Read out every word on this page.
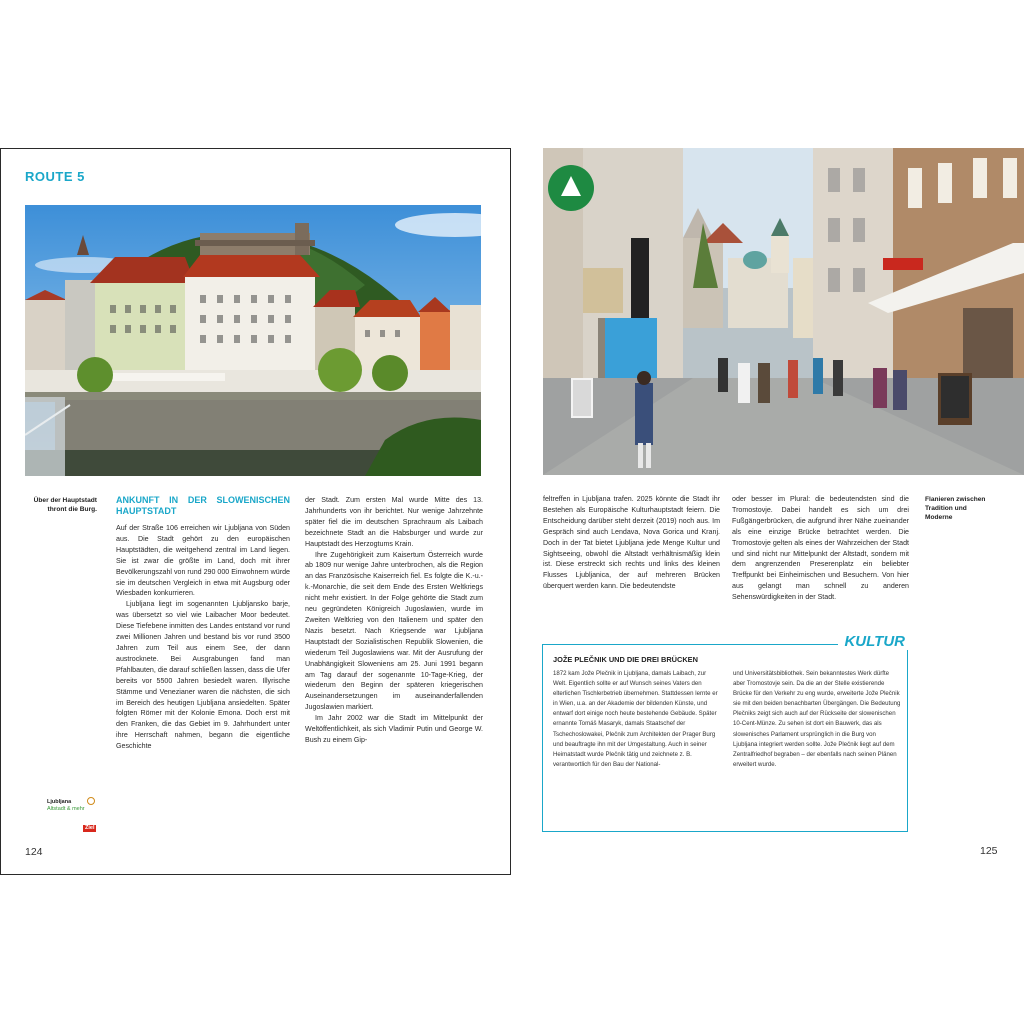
ROUTE 5
Über der Hauptstadt thront die Burg.
ANKUNFT IN DER SLOWENISCHEN HAUPTSTADT

Auf der Straße 106 erreichen wir Ljubljana von Süden aus. Die Stadt gehört zu den europäischen Hauptstädten, die weitgehend zentral im Land liegen. Sie ist zwar die größte im Land, doch mit ihrer Bevölkerungszahl von rund 290 000 Einwohnern würde sie im deutschen Vergleich in etwa mit Augsburg oder Wiesbaden konkurrieren.

Ljubljana liegt im sogenannten Ljubljansko barje, was übersetzt so viel wie Laibacher Moor bedeutet. Diese Tiefebene inmitten des Landes entstand vor rund zwei Millionen Jahren und bestand bis vor rund 3500 Jahren zum Teil aus einem See, der dann austrocknete. Bei Ausgrabungen fand man Pfahlbauten, die darauf schließen lassen, dass die Ufer bereits vor 5500 Jahren besiedelt waren. Illyrische Stämme und Venezianer waren die nächsten, die sich im Bereich des heutigen Ljubljana ansiedelten. Später folgten Römer mit der Kolonie Emona. Doch erst mit den Franken, die das Gebiet im 9. Jahrhundert unter ihre Herrschaft nahmen, begann die eigentliche Geschichte

der Stadt. Zum ersten Mal wurde Mitte des 13. Jahrhunderts von ihr berichtet. Nur wenige Jahrzehnte später fiel die im deutschen Sprachraum als Laibach bezeichnete Stadt an die Habsburger und wurde zur Hauptstadt des Herzogtums Krain.

Ihre Zugehörigkeit zum Kaisertum Österreich wurde ab 1809 nur wenige Jahre unterbrochen, als die Region an das Französische Kaiserreich fiel. Es folgte die K.-u.-k.-Monarchie, die seit dem Ende des Ersten Weltkriegs nicht mehr existiert. In der Folge gehörte die Stadt zum neu gegründeten Königreich Jugoslawien, wurde im Zweiten Weltkrieg von den Italienern und später den Nazis besetzt. Nach Kriegsende war Ljubljana Hauptstadt der Sozialistischen Republik Slowenien, die wiederum Teil Jugoslawiens war. Mit der Ausrufung der Unabhängigkeit Sloweniens am 25. Juni 1991 begann am Tag darauf der sogenannte 10-Tage-Krieg, der wiederum den Beginn der späteren kriegerischen Auseinandersetzungen im auseinanderfallenden Jugoslawien markiert.

Im Jahr 2002 war die Stadt im Mittelpunkt der Weltöffentlichkeit, als sich Vladimir Putin und George W. Bush zu einem Gip-

Ljubljana
Altstadt & mehr
Ziel
124
Flanieren zwischen Tradition und Moderne

feltreffen in Ljubljana trafen. 2025 könnte die Stadt ihr Bestehen als Europäische Kulturhauptstadt feiern. Die Entscheidung darüber steht derzeit (2019) noch aus. Im Gespräch sind auch Lendava, Nova Gorica und Kranj. Doch in der Tat bietet Ljubljana jede Menge Kultur und Sightseeing, obwohl die Altstadt verhältnismäßig klein ist. Diese erstreckt sich rechts und links des kleinen Flusses Ljubljanica, der auf mehreren Brücken überquert werden kann. Die bedeutendste

oder besser im Plural: die bedeutendsten sind die Tromostovje. Dabei handelt es sich um drei Fußgängerbrücken, die aufgrund ihrer Nähe zueinander als eine einzige Brücke betrachtet werden. Die Tromostovje gelten als eines der Wahrzeichen der Stadt und sind nicht nur Mittelpunkt der Altstadt, sondern mit dem angrenzenden Preserenplatz ein beliebter Treffpunkt bei Einheimischen und Besuchern. Von hier aus gelangt man schnell zu anderen Sehenswürdigkeiten in der Stadt.

KULTUR
JOŽE PLEČNIK UND DIE DREI BRÜCKEN
1872 kam Jože Plečnik in Ljubljana, damals Laibach, zur Welt. Eigentlich sollte er auf Wunsch seines Vaters den elterlichen Tischlerbetrieb übernehmen. Stattdessen lernte er in Wien, u.a. an der Akademie der bildenden Künste, und entwarf dort einige noch heute bestehende Gebäude. Später ernannte Tomáš Masaryk, damals Staatschef der Tschechoslowakei, Plečnik zum Architekten der Prager Burg und beauftragte ihn mit der Umgestaltung. Auch in seiner Heimatstadt wurde Plečnik tätig und zeichnete z. B. verantwortlich für den Bau der National-
und Universitätsbibliothek. Sein bekanntestes Werk dürfte aber Tromostovje sein. Da die an der Stelle existierende Brücke für den Verkehr zu eng wurde, erweiterte Jože Plečnik sie mit den beiden benachbarten Übergängen. Die Bedeutung Plečniks zeigt sich auch auf der Rückseite der slowenischen 10-Cent-Münze. Zu sehen ist dort ein Bauwerk, das als slowenisches Parlament ursprünglich in die Burg von Ljubljana integriert werden sollte. Jože Plečnik liegt auf dem Zentralfriedhof begraben – der ebenfalls nach seinen Plänen erweitert wurde.
125
